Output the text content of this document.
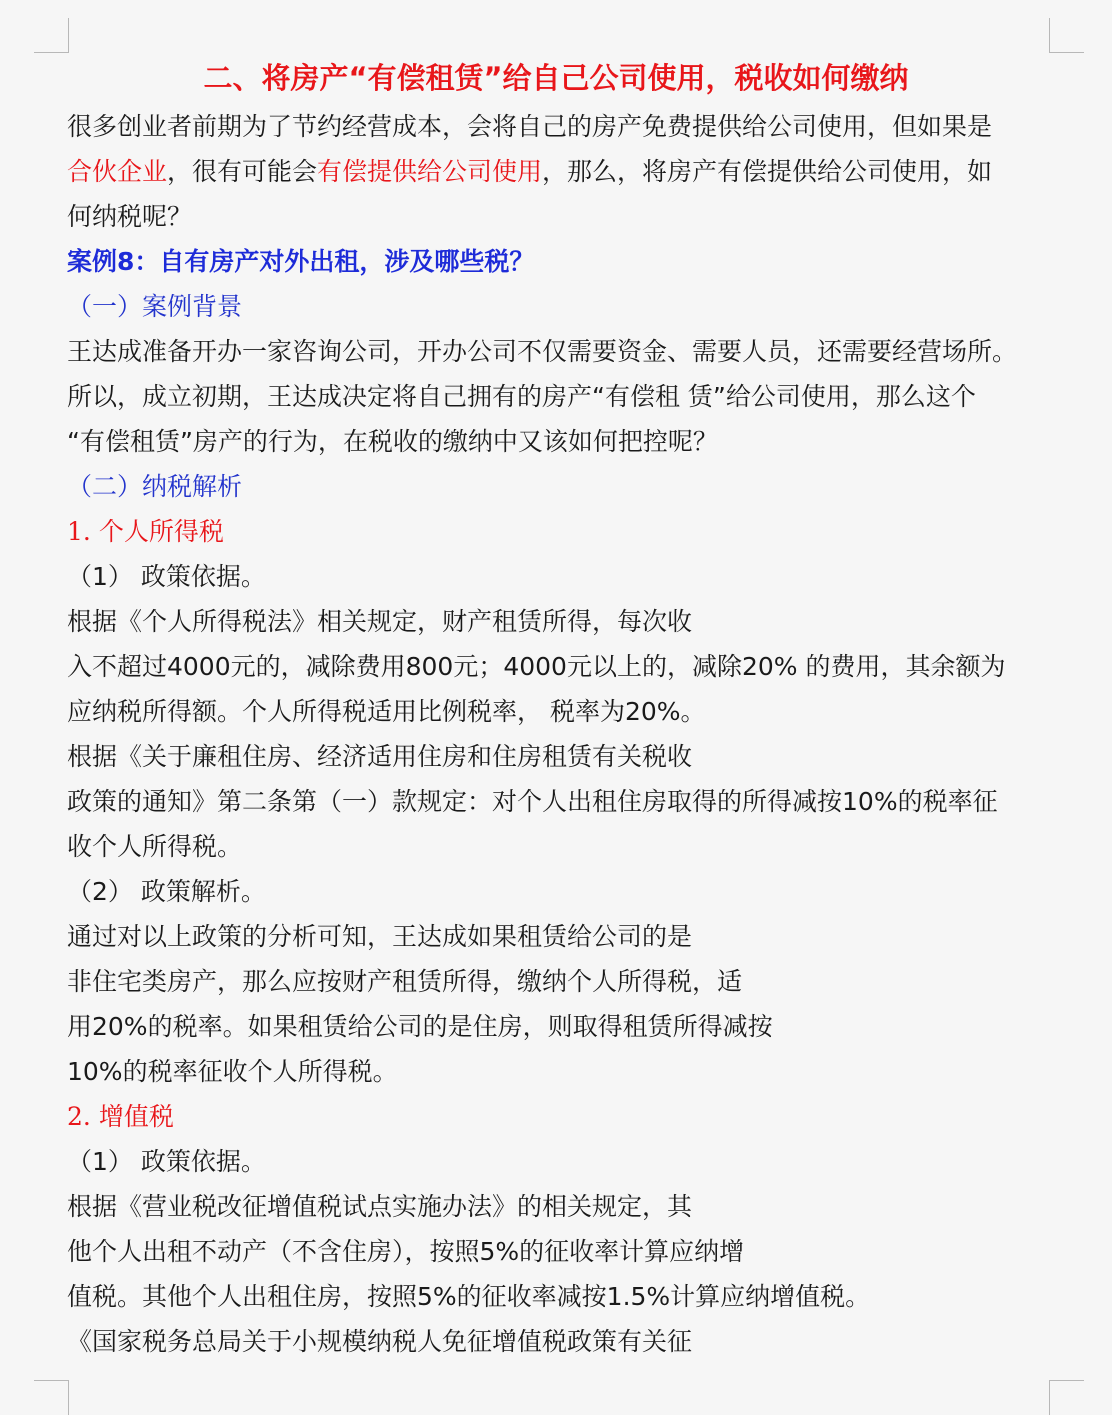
二、将房产“有偿租赁”给自己公司使用，税收如何缴纳
很多创业者前期为了节约经营成本，会将自己的房产免费提供给公司使用，但如果是
合伙企业，很有可能会有偿提供给公司使用，那么，将房产有偿提供给公司使用，如
何纳税呢？
案例8：自有房产对外出租，涉及哪些税？
（一）案例背景
王达成准备开办一家咨询公司，开办公司不仅需要资金、需要人员，还需要经营场所。
所以，成立初期，王达成决定将自己拥有的房产“有偿租 赁”给公司使用，那么这个
“有偿租赁”房产的行为，在税收的缴纳中又该如何把控呢？
（二）纳税解析
1. 个人所得税
（1） 政策依据。
根据《个人所得税法》相关规定，财产租赁所得，每次收
入不超过4000元的，减除费用800元；4000元以上的，减除20% 的费用，其余额为
应纳税所得额。个人所得税适用比例税率， 税率为20%。
根据《关于廉租住房、经济适用住房和住房租赁有关税收
政策的通知》第二条第（一）款规定：对个人出租住房取得的所得减按10%的税率征
收个人所得税。
（2） 政策解析。
通过对以上政策的分析可知，王达成如果租赁给公司的是
非住宅类房产，那么应按财产租赁所得，缴纳个人所得税，适
用20%的税率。如果租赁给公司的是住房，则取得租赁所得减按
10%的税率征收个人所得税。
2. 增值税
（1） 政策依据。
根据《营业税改征增值税试点实施办法》的相关规定，其
他个人出租不动产（不含住房），按照5%的征收率计算应纳增
值税。其他个人出租住房，按照5%的征收率减按1.5%计算应纳增值税。
《国家税务总局关于小规模纳税人免征增值税政策有关征
